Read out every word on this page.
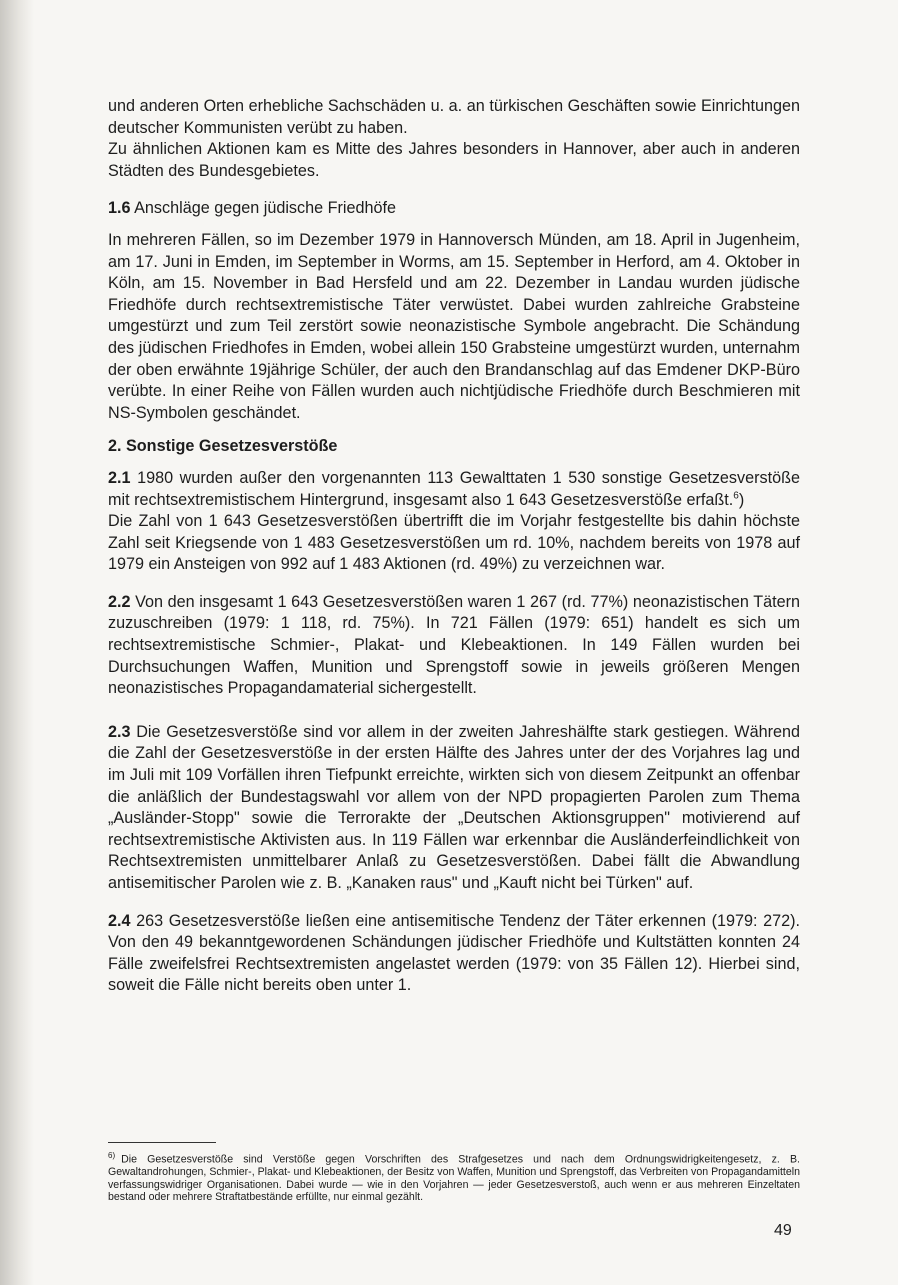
und anderen Orten erhebliche Sachschäden u. a. an türkischen Geschäften sowie Einrichtungen deutscher Kommunisten verübt zu haben.

Zu ähnlichen Aktionen kam es Mitte des Jahres besonders in Hannover, aber auch in anderen Städten des Bundesgebietes.

1.6 Anschläge gegen jüdische Friedhöfe

In mehreren Fällen, so im Dezember 1979 in Hannoversch Münden, am 18. April in Jugenheim, am 17. Juni in Emden, im September in Worms, am 15. September in Herford, am 4. Oktober in Köln, am 15. November in Bad Hersfeld und am 22. Dezember in Landau wurden jüdische Friedhöfe durch rechtsextremistische Täter verwüstet. Dabei wurden zahlreiche Grabsteine umgestürzt und zum Teil zerstört sowie neonazistische Symbole angebracht. Die Schändung des jüdischen Friedhofes in Emden, wobei allein 150 Grabsteine umgestürzt wurden, unternahm der oben erwähnte 19jährige Schüler, der auch den Brandanschlag auf das Emdener DKP-Büro verübte. In einer Reihe von Fällen wurden auch nichtjüdische Friedhöfe durch Beschmieren mit NS-Symbolen geschändet.

2. Sonstige Gesetzesverstöße

2.1 1980 wurden außer den vorgenannten 113 Gewalttaten 1 530 sonstige Gesetzesverstöße mit rechtsextremistischem Hintergrund, insgesamt also 1 643 Gesetzesverstöße erfaßt.$^6$)

Die Zahl von 1 643 Gesetzesverstößen übertrifft die im Vorjahr festgestellte bis dahin höchste Zahl seit Kriegsende von 1 483 Gesetzesverstößen um rd. 10%, nachdem bereits von 1978 auf 1979 ein Ansteigen von 992 auf 1 483 Aktionen (rd. 49%) zu verzeichnen war.

2.2 Von den insgesamt 1 643 Gesetzesverstößen waren 1 267 (rd. 77%) neonazistischen Tätern zuzuschreiben (1979: 1 118, rd. 75%). In 721 Fällen (1979: 651) handelt es sich um rechtsextremistische Schmier-, Plakat- und Klebeaktionen. In 149 Fällen wurden bei Durchsuchungen Waffen, Munition und Sprengstoff sowie in jeweils größeren Mengen neonazistisches Propagandamaterial sichergestellt.

2.3 Die Gesetzesverstöße sind vor allem in der zweiten Jahreshälfte stark gestiegen. Während die Zahl der Gesetzesverstöße in der ersten Hälfte des Jahres unter der des Vorjahres lag und im Juli mit 109 Vorfällen ihren Tiefpunkt erreichte, wirkten sich von diesem Zeitpunkt an offenbar die anläßlich der Bundestagswahl vor allem von der NPD propagierten Parolen zum Thema „Ausländer-Stopp" sowie die Terrorakte der „Deutschen Aktionsgruppen" motivierend auf rechtsextremistische Aktivisten aus. In 119 Fällen war erkennbar die Ausländerfeindlichkeit von Rechtsextremisten unmittelbarer Anlaß zu Gesetzesverstößen. Dabei fällt die Abwandlung antisemitischer Parolen wie z. B. „Kanaken raus" und „Kauft nicht bei Türken" auf.

2.4 263 Gesetzesverstöße ließen eine antisemitische Tendenz der Täter erkennen (1979: 272). Von den 49 bekanntgewordenen Schändungen jüdischer Friedhöfe und Kultstätten konnten 24 Fälle zweifelsfrei Rechtsextremisten angelastet werden (1979: von 35 Fällen 12). Hierbei sind, soweit die Fälle nicht bereits oben unter 1.

$^{6)}$ Die Gesetzesverstöße sind Verstöße gegen Vorschriften des Strafgesetzes und nach dem Ordnungswidrigkeitengesetz, z. B. Gewaltandrohungen, Schmier-, Plakat- und Klebeaktionen, der Besitz von Waffen, Munition und Sprengstoff, das Verbreiten von Propagandamitteln verfassungswidriger Organisationen. Dabei wurde — wie in den Vorjahren — jeder Gesetzesverstoß, auch wenn er aus mehreren Einzeltaten bestand oder mehrere Straftatbestände erfüllte, nur einmal gezählt.

49
